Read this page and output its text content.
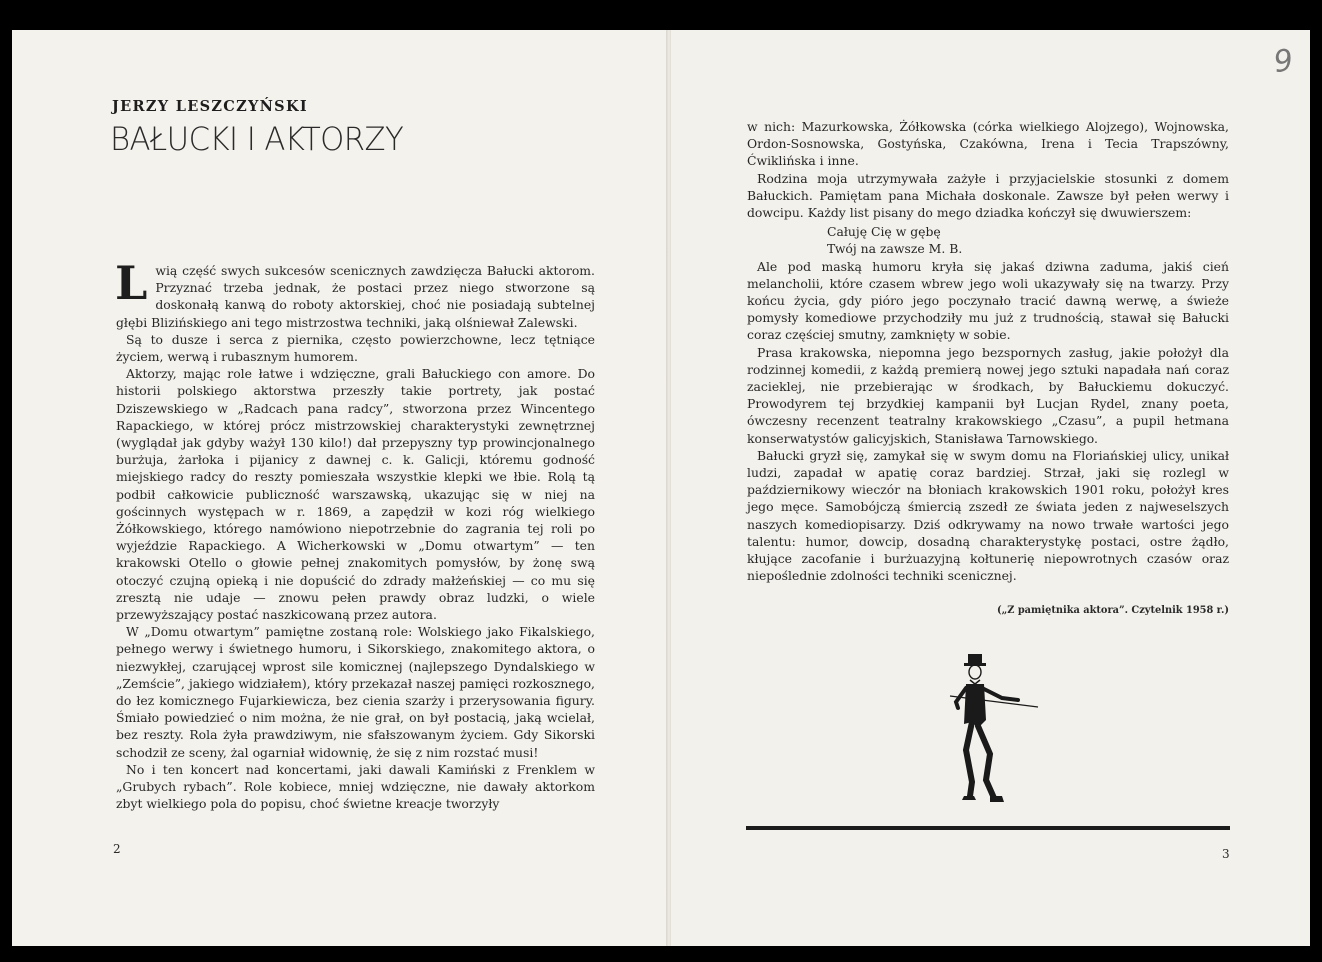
9
JERZY LESZCZYŃSKI
BAŁUCKI I AKTORZY

Lwią część swych sukcesów scenicznych zawdzięcza Bałucki aktorom. Przyznać trzeba jednak, że postaci przez niego stworzone są doskonałą kanwą do roboty aktorskiej, choć nie posiadają subtelnej głębi Blizińskiego ani tego mistrzostwa techniki, jaką olśniewał Zalewski.

Są to dusze i serca z piernika, często powierzchowne, lecz tętniące życiem, werwą i rubasznym humorem.

Aktorzy, mając role łatwe i wdzięczne, grali Bałuckiego con amore. Do historii polskiego aktorstwa przeszły takie portrety, jak postać Dziszewskiego w „Radcach pana radcy”, stworzona przez Wincentego Rapackiego, w której prócz mistrzowskiej charakterystyki zewnętrznej (wyglądał jak gdyby ważył 130 kilo!) dał przepyszny typ prowincjonalnego burżuja, żarłoka i pijanicy z dawnej c. k. Galicji, któremu godność miejskiego radcy do reszty pomieszała wszystkie klepki we łbie. Rolą tą podbił całkowicie publiczność warszawską, ukazując się w niej na gościnnych występach w r. 1869, a zapędził w kozi róg wielkiego Żółkowskiego, którego namówiono niepotrzebnie do zagrania tej roli po wyjeździe Rapackiego. A Wicherkowski w „Domu otwartym” — ten krakowski Otello o głowie pełnej znakomitych pomysłów, by żonę swą otoczyć czujną opieką i nie dopuścić do zdrady małżeńskiej — co mu się zresztą nie udaje — znowu pełen prawdy obraz ludzki, o wiele przewyższający postać naszkicowaną przez autora.

W „Domu otwartym” pamiętne zostaną role: Wolskiego jako Fikalskiego, pełnego werwy i świetnego humoru, i Sikorskiego, znakomitego aktora, o niezwykłej, czarującej wprost sile komicznej (najlepszego Dyndalskiego w „Zemście”, jakiego widziałem), który przekazał naszej pamięci rozkosznego, do łez komicznego Fujarkiewicza, bez cienia szarży i przerysowania figury. Śmiało powiedzieć o nim można, że nie grał, on był postacią, jaką wcielał, bez reszty. Rola żyła prawdziwym, nie sfałszowanym życiem. Gdy Sikorski schodził ze sceny, żal ogarniał widownię, że się z nim rozstać musi!

No i ten koncert nad koncertami, jaki dawali Kamiński z Frenklem w „Grubych rybach”. Role kobiece, mniej wdzięczne, nie dawały aktorkom zbyt wielkiego pola do popisu, choć świetne kreacje tworzyły

2

w nich: Mazurkowska, Żółkowska (córka wielkiego Alojzego), Wojnowska, Ordon-Sosnowska, Gostyńska, Czakówna, Irena i Tecia Trapszówny, Ćwiklińska i inne.

Rodzina moja utrzymywała zażyłe i przyjacielskie stosunki z domem Bałuckich. Pamiętam pana Michała doskonale. Zawsze był pełen werwy i dowcipu. Każdy list pisany do mego dziadka kończył się dwuwierszem:

Całuję Cię w gębę
Twój na zawsze M. B.

Ale pod maską humoru kryła się jakaś dziwna zaduma, jakiś cień melancholii, które czasem wbrew jego woli ukazywały się na twarzy. Przy końcu życia, gdy pióro jego poczynało tracić dawną werwę, a świeże pomysły komediowe przychodziły mu już z trudnością, stawał się Bałucki coraz częściej smutny, zamknięty w sobie.

Prasa krakowska, niepomna jego bezspornych zasług, jakie położył dla rodzinnej komedii, z każdą premierą nowej jego sztuki napadała nań coraz zacieklej, nie przebierając w środkach, by Bałuckiemu dokuczyć. Prowodyrem tej brzydkiej kampanii był Lucjan Rydel, znany poeta, ówczesny recenzent teatralny krakowskiego „Czasu”, a pupil hetmana konserwatystów galicyjskich, Stanisława Tarnowskiego.

Bałucki gryzł się, zamykał się w swym domu na Floriańskiej ulicy, unikał ludzi, zapadał w apatię coraz bardziej. Strzał, jaki się rozlegl w październikowy wieczór na błoniach krakowskich 1901 roku, położył kres jego męce. Samobójczą śmiercią zszedł ze świata jeden z najweselszych naszych komediopisarzy. Dziś odkrywamy na nowo trwałe wartości jego talentu: humor, dowcip, dosadną charakterystykę postaci, ostre żądło, kłujące zacofanie i burżuazyjną kołtunerię niepowrotnych czasów oraz niepoślednie zdolności techniki scenicznej.

(„Z pamiętnika aktora”. Czytelnik 1958 r.)
3
